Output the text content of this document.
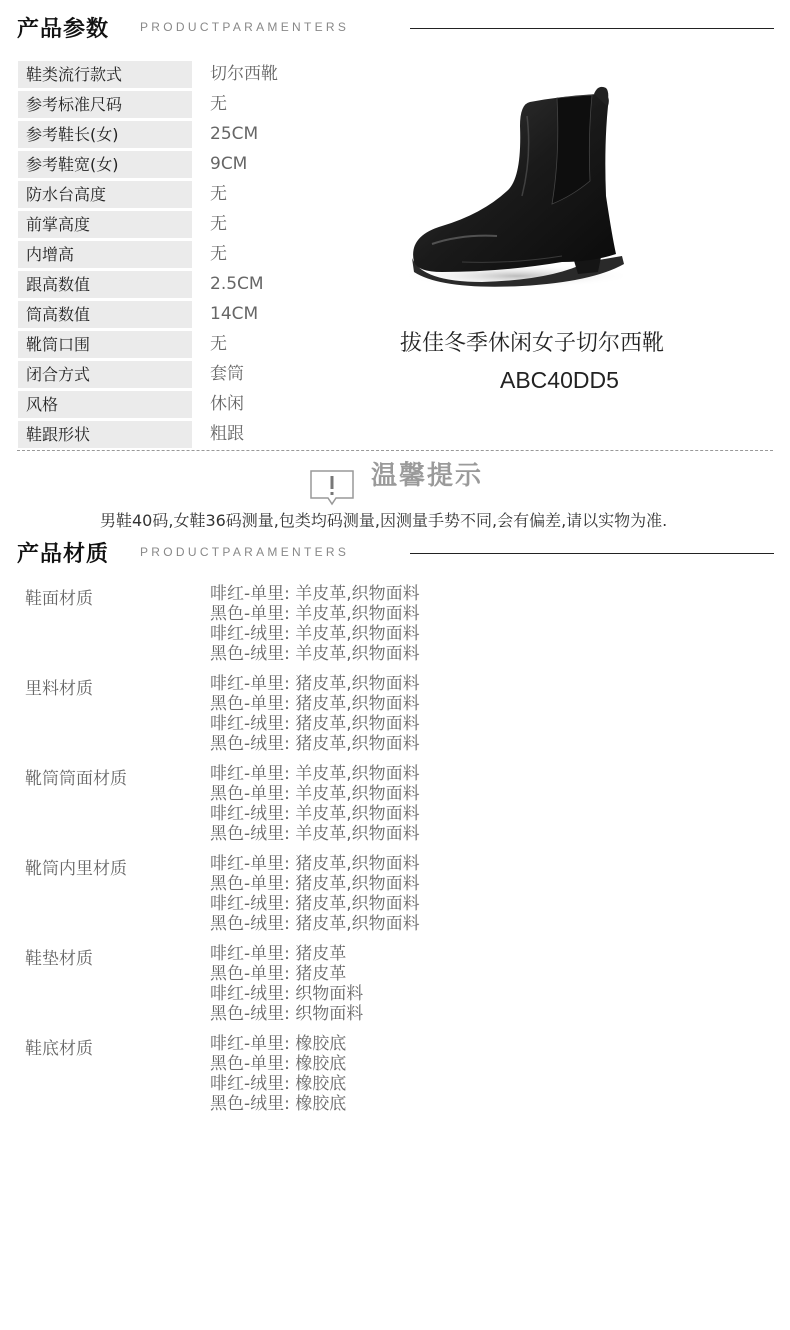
产品参数	PRODUCTPARAMENTERS
鞋类流行款式	切尔西靴
参考标准尺码	无
参考鞋长(女)	25CM
参考鞋宽(女)	9CM
防水台高度	无
前掌高度	无
内增高	无
跟高数值	2.5CM
筒高数值	14CM
靴筒口围	无
闭合方式	套筒
风格	休闲
鞋跟形状	粗跟
拔佳冬季休闲女子切尔西靴
ABC40DD5
温馨提示
男鞋40码,女鞋36码测量,包类均码测量,因测量手势不同,会有偏差,请以实物为准.
产品材质	PRODUCTPARAMENTERS
鞋面材质	啡红-单里: 羊皮革,织物面料
黑色-单里: 羊皮革,织物面料
啡红-绒里: 羊皮革,织物面料
黑色-绒里: 羊皮革,织物面料
里料材质	啡红-单里: 猪皮革,织物面料
黑色-单里: 猪皮革,织物面料
啡红-绒里: 猪皮革,织物面料
黑色-绒里: 猪皮革,织物面料
靴筒筒面材质	啡红-单里: 羊皮革,织物面料
黑色-单里: 羊皮革,织物面料
啡红-绒里: 羊皮革,织物面料
黑色-绒里: 羊皮革,织物面料
靴筒内里材质	啡红-单里: 猪皮革,织物面料
黑色-单里: 猪皮革,织物面料
啡红-绒里: 猪皮革,织物面料
黑色-绒里: 猪皮革,织物面料
鞋垫材质	啡红-单里: 猪皮革
黑色-单里: 猪皮革
啡红-绒里: 织物面料
黑色-绒里: 织物面料
鞋底材质	啡红-单里: 橡胶底
黑色-单里: 橡胶底
啡红-绒里: 橡胶底
黑色-绒里: 橡胶底
